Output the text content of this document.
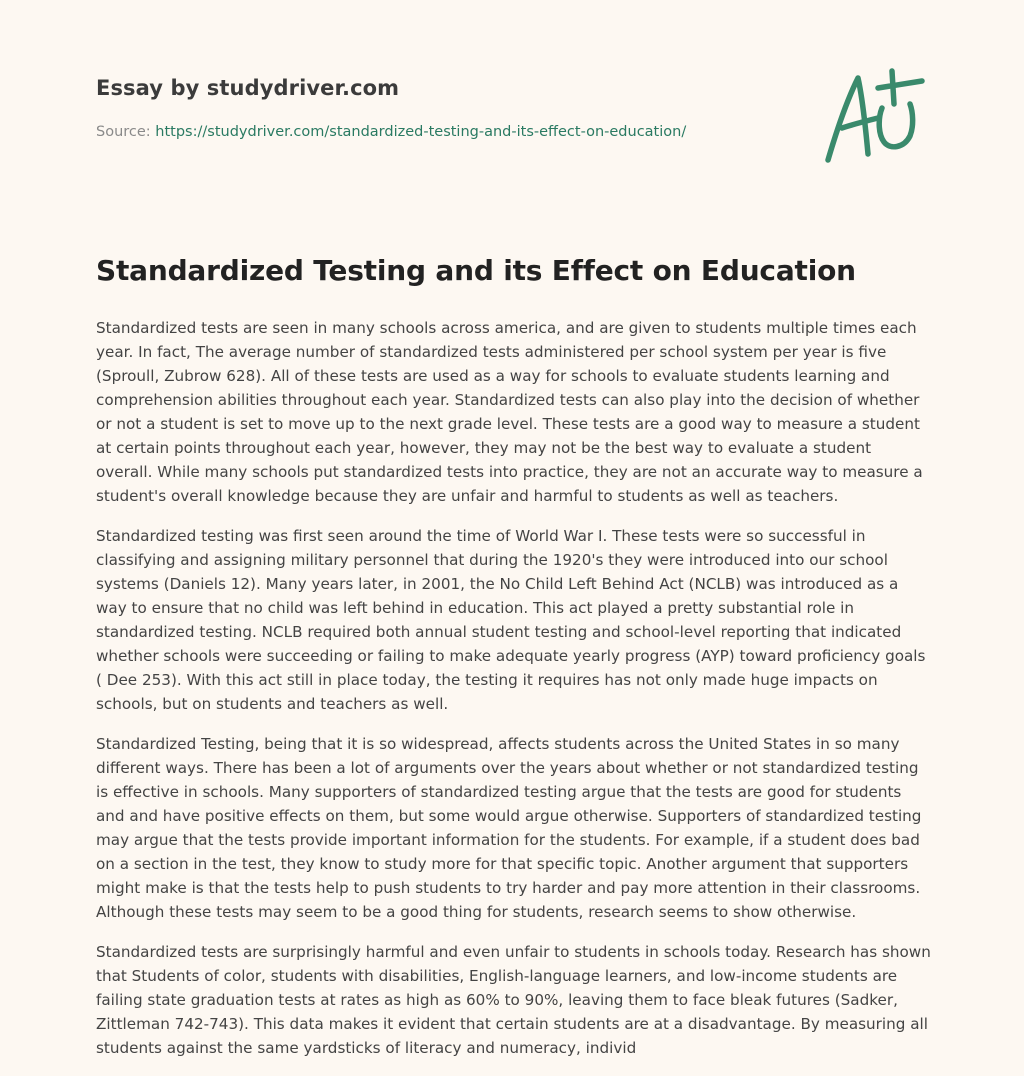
Essay by studydriver.com
Source: https://studydriver.com/standardized-testing-and-its-effect-on-education/
Standardized Testing and its Effect on Education

Standardized tests are seen in many schools across america, and are given to students multiple times each year. In fact, The average number of standardized tests administered per school system per year is five (Sproull, Zubrow 628). All of these tests are used as a way for schools to evaluate students learning and comprehension abilities throughout each year. Standardized tests can also play into the decision of whether or not a student is set to move up to the next grade level. These tests are a good way to measure a student at certain points throughout each year, however, they may not be the best way to evaluate a student overall. While many schools put standardized tests into practice, they are not an accurate way to measure a student's overall knowledge because they are unfair and harmful to students as well as teachers.

Standardized testing was first seen around the time of World War I. These tests were so successful in classifying and assigning military personnel that during the 1920's they were introduced into our school systems (Daniels 12). Many years later, in 2001, the No Child Left Behind Act (NCLB) was introduced as a way to ensure that no child was left behind in education. This act played a pretty substantial role in standardized testing. NCLB required both annual student testing and school-level reporting that indicated whether schools were succeeding or failing to make adequate yearly progress (AYP) toward proficiency goals ( Dee 253). With this act still in place today, the testing it requires has not only made huge impacts on schools, but on students and teachers as well.

Standardized Testing, being that it is so widespread, affects students across the United States in so many different ways. There has been a lot of arguments over the years about whether or not standardized testing is effective in schools. Many supporters of standardized testing argue that the tests are good for students and and have positive effects on them, but some would argue otherwise. Supporters of standardized testing may argue that the tests provide important information for the students. For example, if a student does bad on a section in the test, they know to study more for that specific topic. Another argument that supporters might make is that the tests help to push students to try harder and pay more attention in their classrooms. Although these tests may seem to be a good thing for students, research seems to show otherwise.

Standardized tests are surprisingly harmful and even unfair to students in schools today. Research has shown that Students of color, students with disabilities, English-language learners, and low-income students are failing state graduation tests at rates as high as 60% to 90%, leaving them to face bleak futures (Sadker, Zittleman 742-743). This data makes it evident that certain students are at a disadvantage. By measuring all students against the same yardsticks of literacy and numeracy, individ
